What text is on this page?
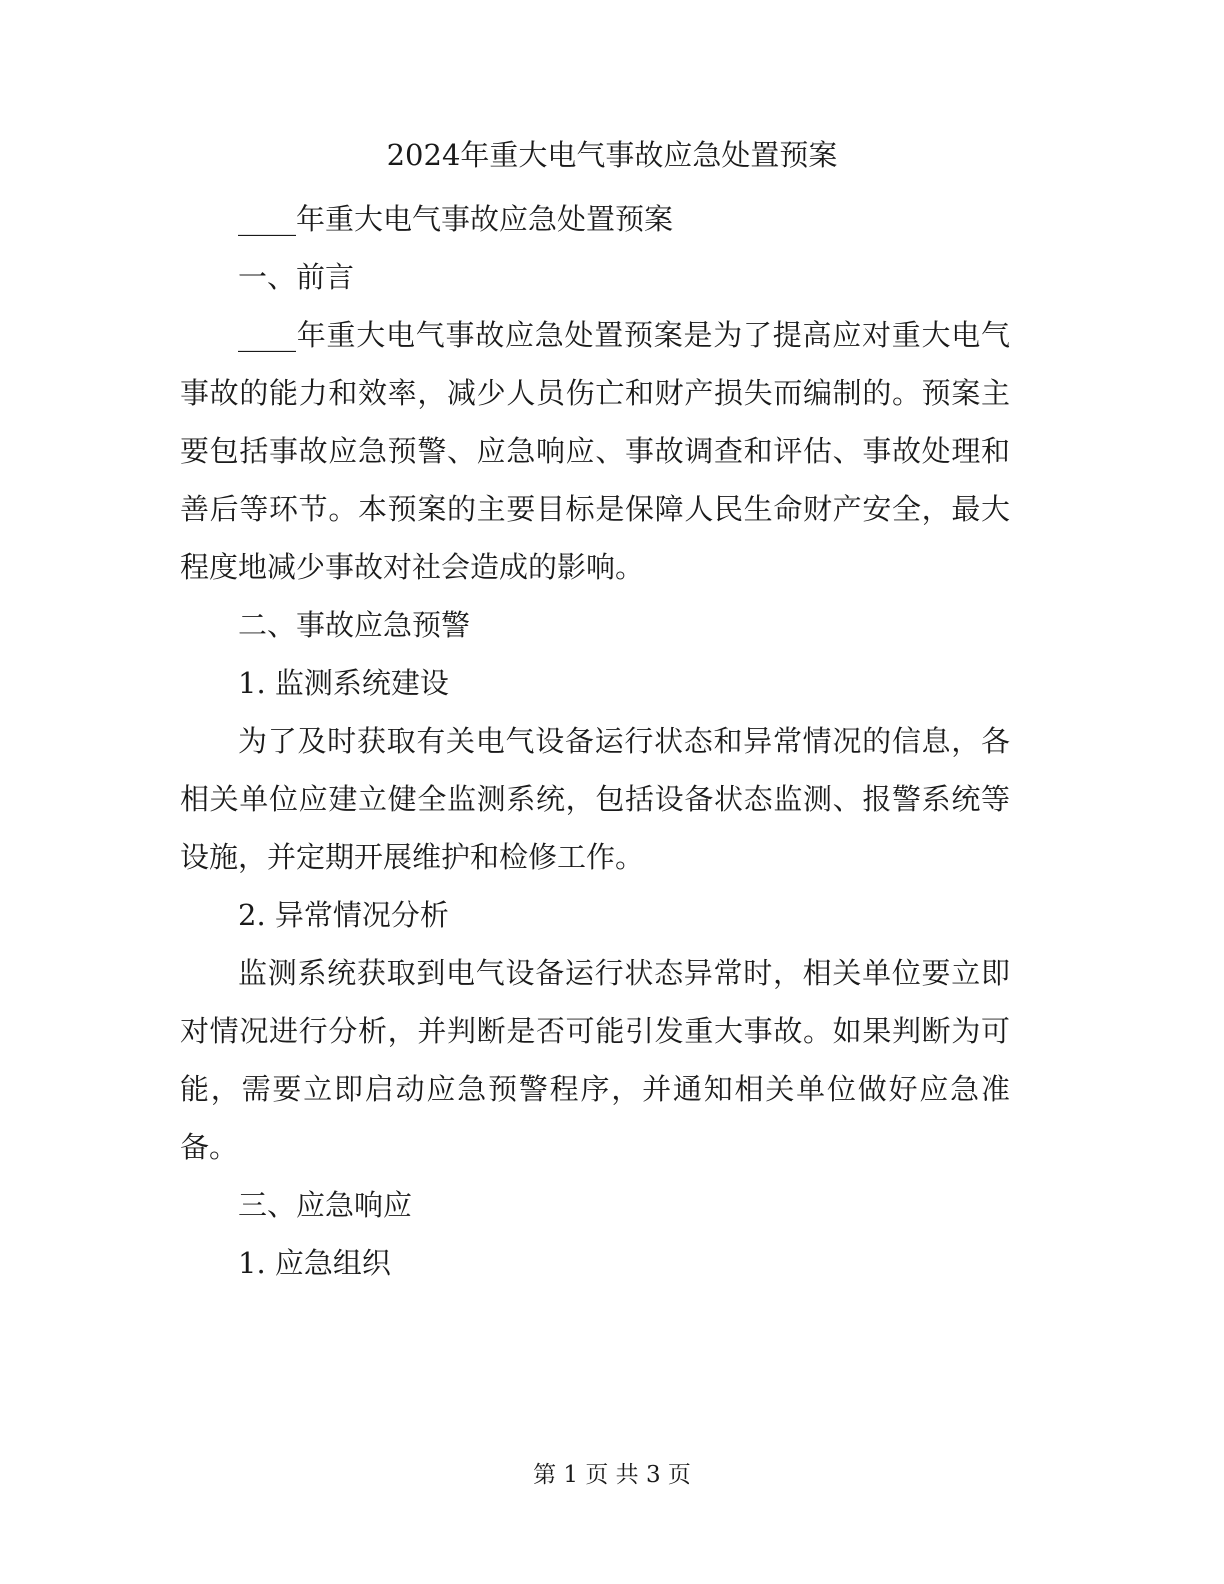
2024年重大电气事故应急处置预案

____年重大电气事故应急处置预案

一、前言

____年重大电气事故应急处置预案是为了提高应对重大电气事故的能力和效率，减少人员伤亡和财产损失而编制的。预案主要包括事故应急预警、应急响应、事故调查和评估、事故处理和善后等环节。本预案的主要目标是保障人民生命财产安全，最大程度地减少事故对社会造成的影响。

二、事故应急预警

1. 监测系统建设

为了及时获取有关电气设备运行状态和异常情况的信息，各相关单位应建立健全监测系统，包括设备状态监测、报警系统等设施，并定期开展维护和检修工作。

2. 异常情况分析

监测系统获取到电气设备运行状态异常时，相关单位要立即对情况进行分析，并判断是否可能引发重大事故。如果判断为可能，需要立即启动应急预警程序，并通知相关单位做好应急准备。

三、应急响应

1. 应急组织

第 1 页 共 3 页
